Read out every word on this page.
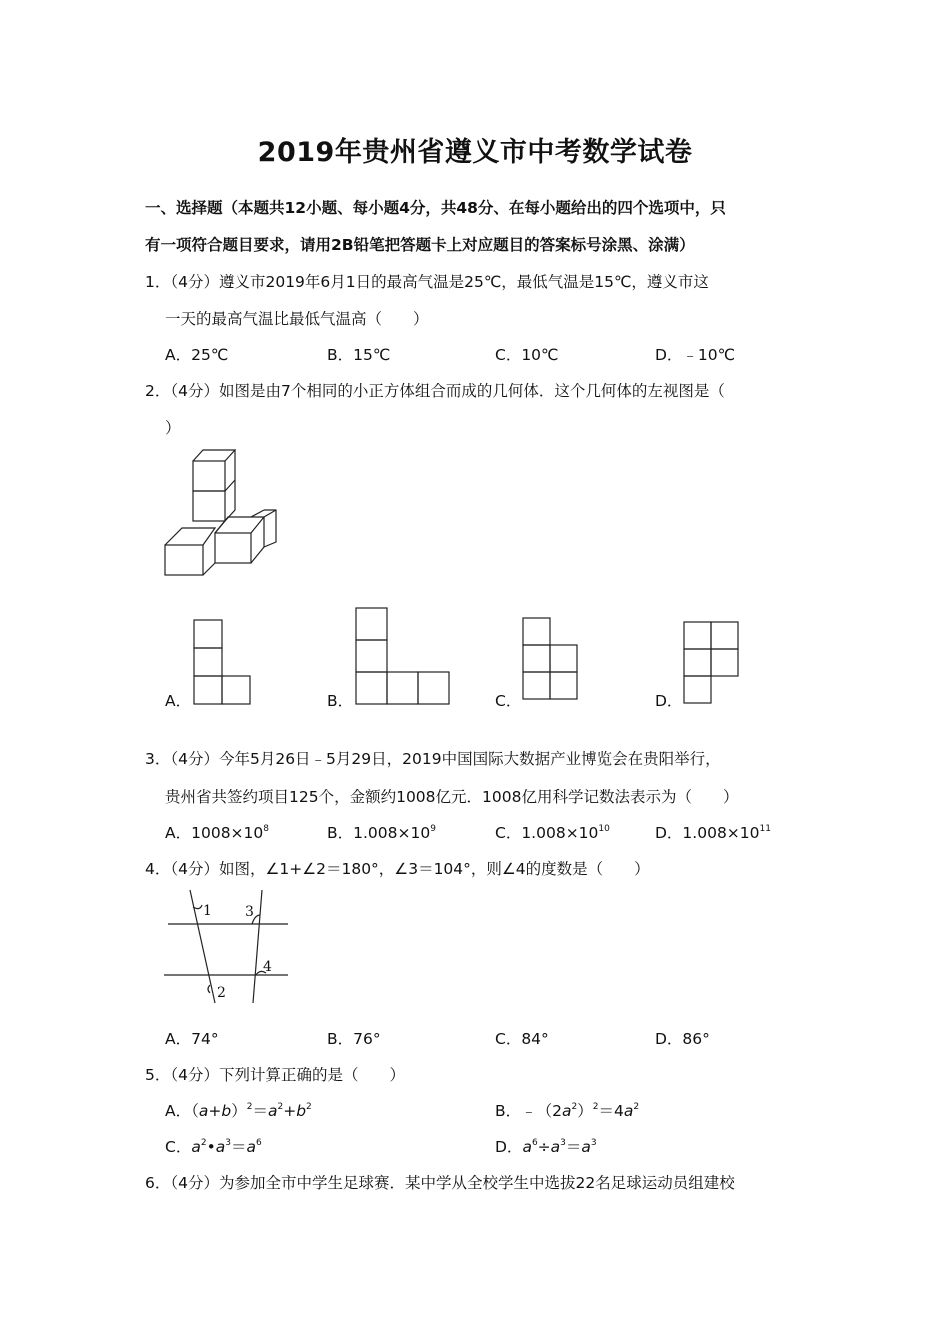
2019年贵州省遵义市中考数学试卷
一、选择题（本题共12小题、每小题4分，共48分、在每小题给出的四个选项中，只
有一项符合题目要求，请用2B铅笔把答题卡上对应题目的答案标号涂黑、涂满）
1．（4分）遵义市2019年6月1日的最高气温是25℃，最低气温是15℃，遵义市这
一天的最高气温比最低气温高（　　）
A．25℃	B．15℃	C．10℃	D．﹣10℃
2．（4分）如图是由7个相同的小正方体组合而成的几何体．这个几何体的左视图是（
）
A．	B．	C．	D．
3．（4分）今年5月26日﹣5月29日，2019中国国际大数据产业博览会在贵阳举行，
贵州省共签约项目125个，金额约1008亿元．1008亿用科学记数法表示为（　　）
A．$1008\times 10^8$	B．$1.008\times 10^9$	C．$1.008\times 10^{10}$	D．$1.008\times 10^{11}$
4．（4分）如图，∠1+∠2＝180°，∠3＝104°，则∠4的度数是（　　）
1 3
4
2
A．74°	B．76°	C．84°	D．86°
5．（4分）下列计算正确的是（　　）
A．$(a+b)^2=a^2+b^2$	B．$﹣(2a^2)^2=4a^2$
C．$a^2•a^3=a^6$	D．$a^6\div a^3=a^3$
6．（4分）为参加全市中学生足球赛．某中学从全校学生中选拔22名足球运动员组建校
